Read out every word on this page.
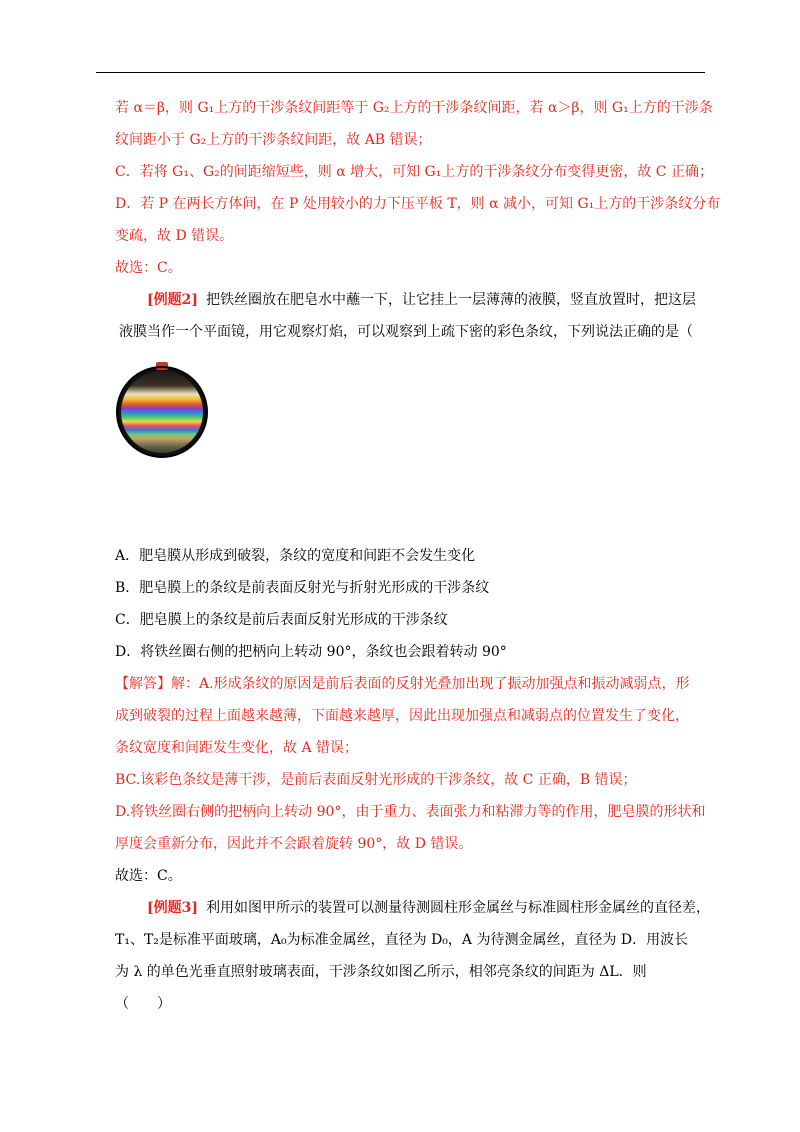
若 α＝β，则 G₁上方的干涉条纹间距等于 G₂上方的干涉条纹间距，若 α＞β，则 G₁上方的干涉条
纹间距小于 G₂上方的干涉条纹间距，故 AB 错误；
C．若将 G₁、G₂的间距缩短些，则 α 增大，可知 G₁上方的干涉条纹分布变得更密，故 C 正确；
D．若 P 在两长方体间，在 P 处用较小的力下压平板 T，则 α 减小，可知 G₁上方的干涉条纹分布
变疏，故 D 错误。
故选：C。
[例题2] 把铁丝圈放在肥皂水中蘸一下，让它挂上一层薄薄的液膜，竖直放置时，把这层
液膜当作一个平面镜，用它观察灯焰，可以观察到上疏下密的彩色条纹，下列说法正确的是（
A．肥皂膜从形成到破裂，条纹的宽度和间距不会发生变化
B．肥皂膜上的条纹是前表面反射光与折射光形成的干涉条纹
C．肥皂膜上的条纹是前后表面反射光形成的干涉条纹
D．将铁丝圈右侧的把柄向上转动 90°，条纹也会跟着转动 90°
【解答】解：A.形成条纹的原因是前后表面的反射光叠加出现了振动加强点和振动减弱点，形
成到破裂的过程上面越来越薄，下面越来越厚，因此出现加强点和减弱点的位置发生了变化，
条纹宽度和间距发生变化，故 A 错误；
BC.该彩色条纹是薄干涉，是前后表面反射光形成的干涉条纹，故 C 正确，B 错误；
D.将铁丝圈右侧的把柄向上转动 90°，由于重力、表面张力和粘滞力等的作用，肥皂膜的形状和
厚度会重新分布，因此并不会跟着旋转 90°，故 D 错误。
故选：C。
[例题3] 利用如图甲所示的装置可以测量待测圆柱形金属丝与标准圆柱形金属丝的直径差，
T₁、T₂是标准平面玻璃，A₀为标准金属丝，直径为 D₀，A 为待测金属丝，直径为 D．用波长
为 λ 的单色光垂直照射玻璃表面，干涉条纹如图乙所示，相邻亮条纹的间距为 ΔL．则
（　　）
